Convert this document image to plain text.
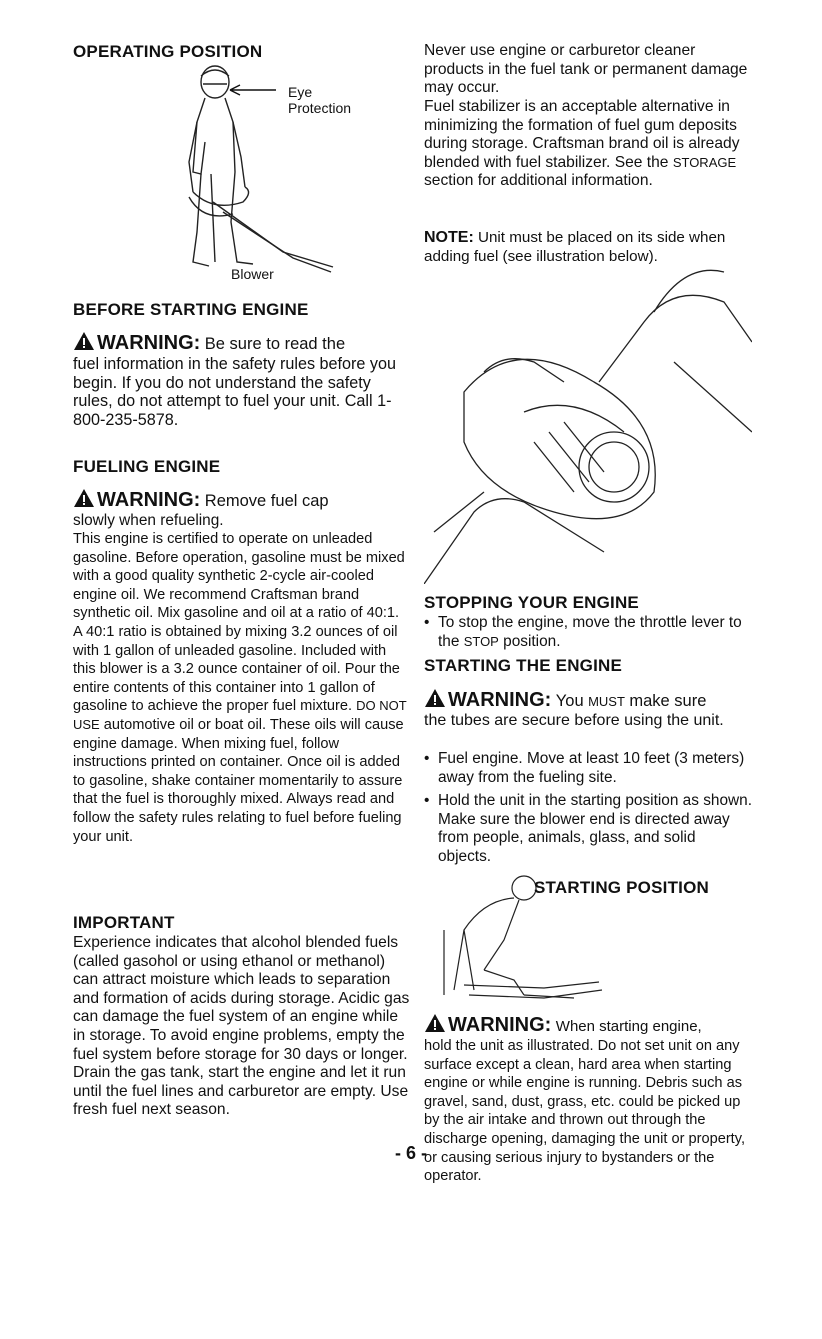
OPERATING POSITION
Eye
Protection
Blower
BEFORE STARTING ENGINE
WARNING: Be sure to read the

fuel information in the safety rules before you begin. If you do not understand the safety rules, do not attempt to fuel your unit. Call 1-800-235-5878.

FUELING ENGINE
WARNING: Remove fuel cap

slowly when refueling.

This engine is certified to operate on unleaded gasoline. Before operation, gasoline must be mixed with a good quality synthetic 2-cycle air-cooled engine oil. We recommend Craftsman brand synthetic oil. Mix gasoline and oil at a ratio of 40:1. A 40:1 ratio is obtained by mixing 3.2 ounces of oil with 1 gallon of unleaded gasoline. Included with this blower is a 3.2 ounce container of oil. Pour the entire contents of this container into 1 gallon of gasoline to achieve the proper fuel mixture. DO NOT USE automotive oil or boat oil. These oils will cause engine damage. When mixing fuel, follow instructions printed on container. Once oil is added to gasoline, shake container momentarily to assure that the fuel is thoroughly mixed. Always read and follow the safety rules relating to fuel before fueling your unit.

IMPORTANT

Experience indicates that alcohol blended fuels (called gasohol or using ethanol or methanol) can attract moisture which leads to separation and formation of acids during storage. Acidic gas can damage the fuel system of an engine while in storage. To avoid engine problems, empty the fuel system before storage for 30 days or longer. Drain the gas tank, start the engine and let it run until the fuel lines and carburetor are empty. Use fresh fuel next season.

Never use engine or carburetor cleaner products in the fuel tank or permanent damage may occur.

Fuel stabilizer is an acceptable alternative in minimizing the formation of fuel gum deposits during storage. Craftsman brand oil is already blended with fuel stabilizer. See the STORAGE section for additional information.

NOTE: Unit must be placed on its side when adding fuel (see illustration below).

STOPPING YOUR ENGINE

• To stop the engine, move the throttle lever to the STOP position.

STARTING THE ENGINE
WARNING: You MUST make sure

the tubes are secure before using the unit.

• Fuel engine. Move at least 10 feet (3 meters) away from the fueling site.

• Hold the unit in the starting position as shown. Make sure the blower end is directed away from people, animals, glass, and solid objects.

STARTING POSITION
WARNING: When starting engine,

hold the unit as illustrated. Do not set unit on any surface except a clean, hard area when starting engine or while engine is running. Debris such as gravel, sand, dust, grass, etc. could be picked up by the air intake and thrown out through the discharge opening, damaging the unit or property, or causing serious injury to bystanders or the operator.

- 6 -
